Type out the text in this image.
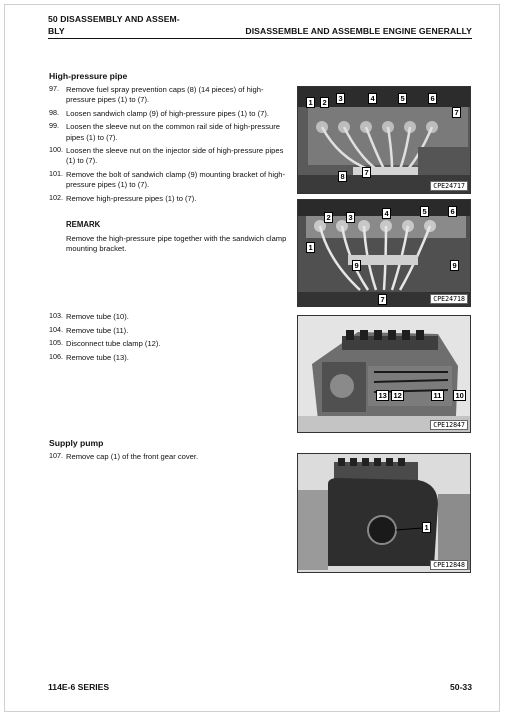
50 DISASSEMBLY AND ASSEM-
BLY	DISASSEMBLE AND ASSEMBLE ENGINE GENERALLY
High-pressure pipe
97. Remove fuel spray prevention caps (8) (14 pieces) of high-pressure pipes (1) to (7).
98. Loosen sandwich clamp (9) of high-pressure pipes (1) to (7).
99. Loosen the sleeve nut on the common rail side of high-pressure pipes (1) to (7).
100. Loosen the sleeve nut on the injector side of high-pressure pipes (1) to (7).
101. Remove the bolt of sandwich clamp (9) mounting bracket of high-pressure pipes (1) to (7).
102. Remove high-pressure pipes (1) to (7).
REMARK
Remove the high-pressure pipe together with the sandwich clamp mounting bracket.
103. Remove tube (10).
104. Remove tube (11).
105. Disconnect tube clamp (12).
106. Remove tube (13).
Supply pump
107. Remove cap (1) of the front gear cover.
1	2	3	4	5	6
7
8	7
CPE24717
1
2	3	4	5	6
9	9
7	CPE24718
13 12	11	10
CPE12847
1
CPE12848
114E-6 SERIES	50-33
